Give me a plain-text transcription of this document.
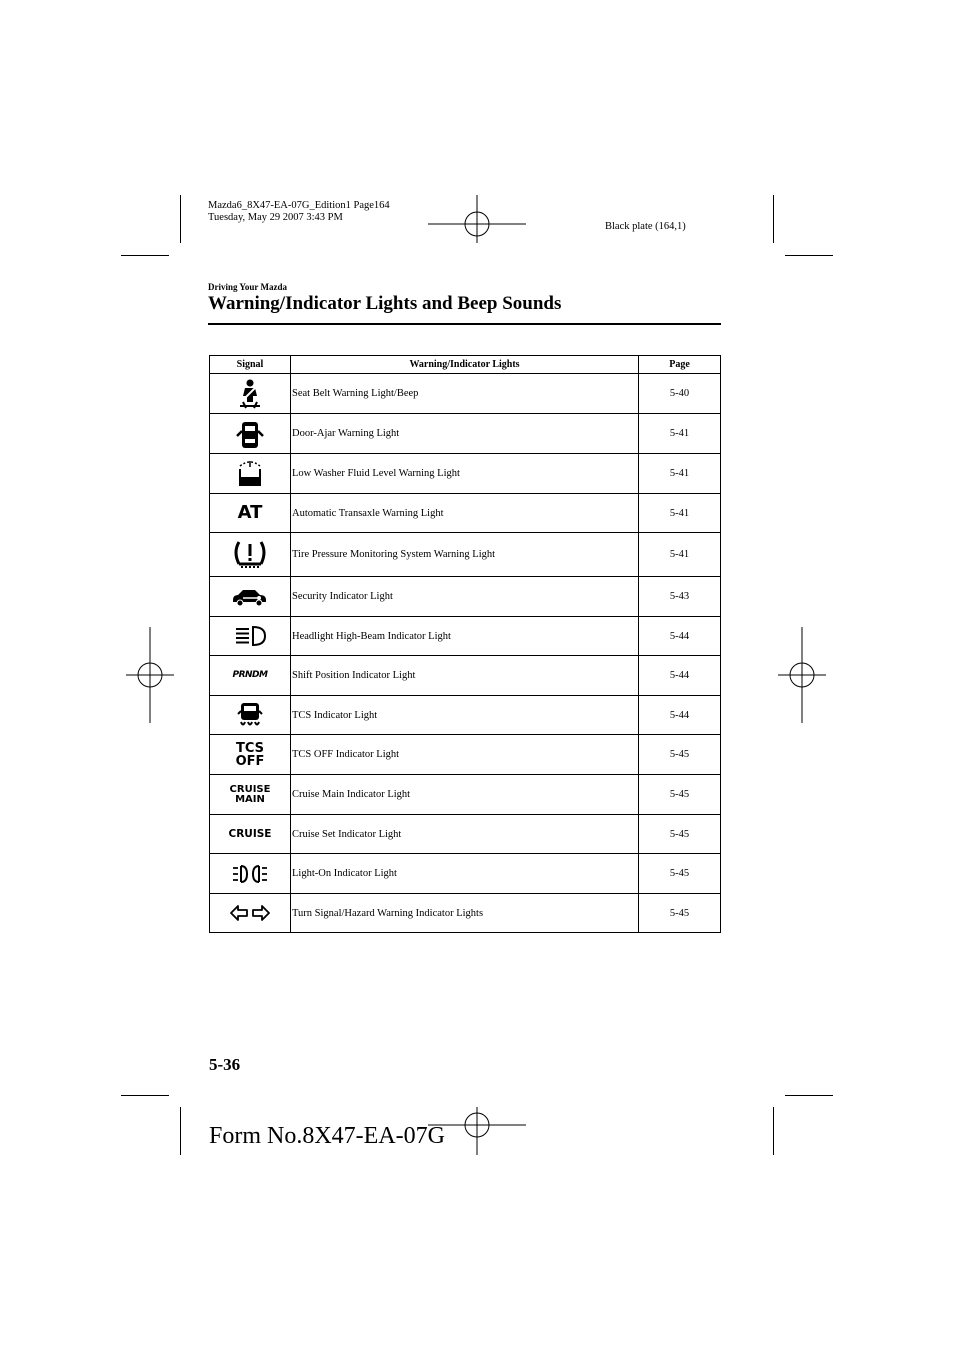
Mazda6_8X47-EA-07G_Edition1 Page164
Tuesday, May 29 2007 3:43 PM
Black plate (164,1)
Driving Your Mazda
Warning/Indicator Lights and Beep Sounds
Signal	Warning/Indicator Lights	Page

	Seat Belt Warning Light/Beep	5-40

	Door-Ajar Warning Light	5-41

	Low Washer Fluid Level Warning Light	5-41

AT	Automatic Transaxle Warning Light	5-41

	Tire Pressure Monitoring System Warning Light	5-41

	Security Indicator Light	5-43

	Headlight High-Beam Indicator Light	5-44

PRNDM	Shift Position Indicator Light	5-44

	TCS Indicator Light	5-44

TCS
OFF	TCS OFF Indicator Light	5-45

CRUISE
MAIN	Cruise Main Indicator Light	5-45

CRUISE	Cruise Set Indicator Light	5-45

	Light-On Indicator Light	5-45

	Turn Signal/Hazard Warning Indicator Lights	5-45
5-36
Form No.8X47-EA-07G
